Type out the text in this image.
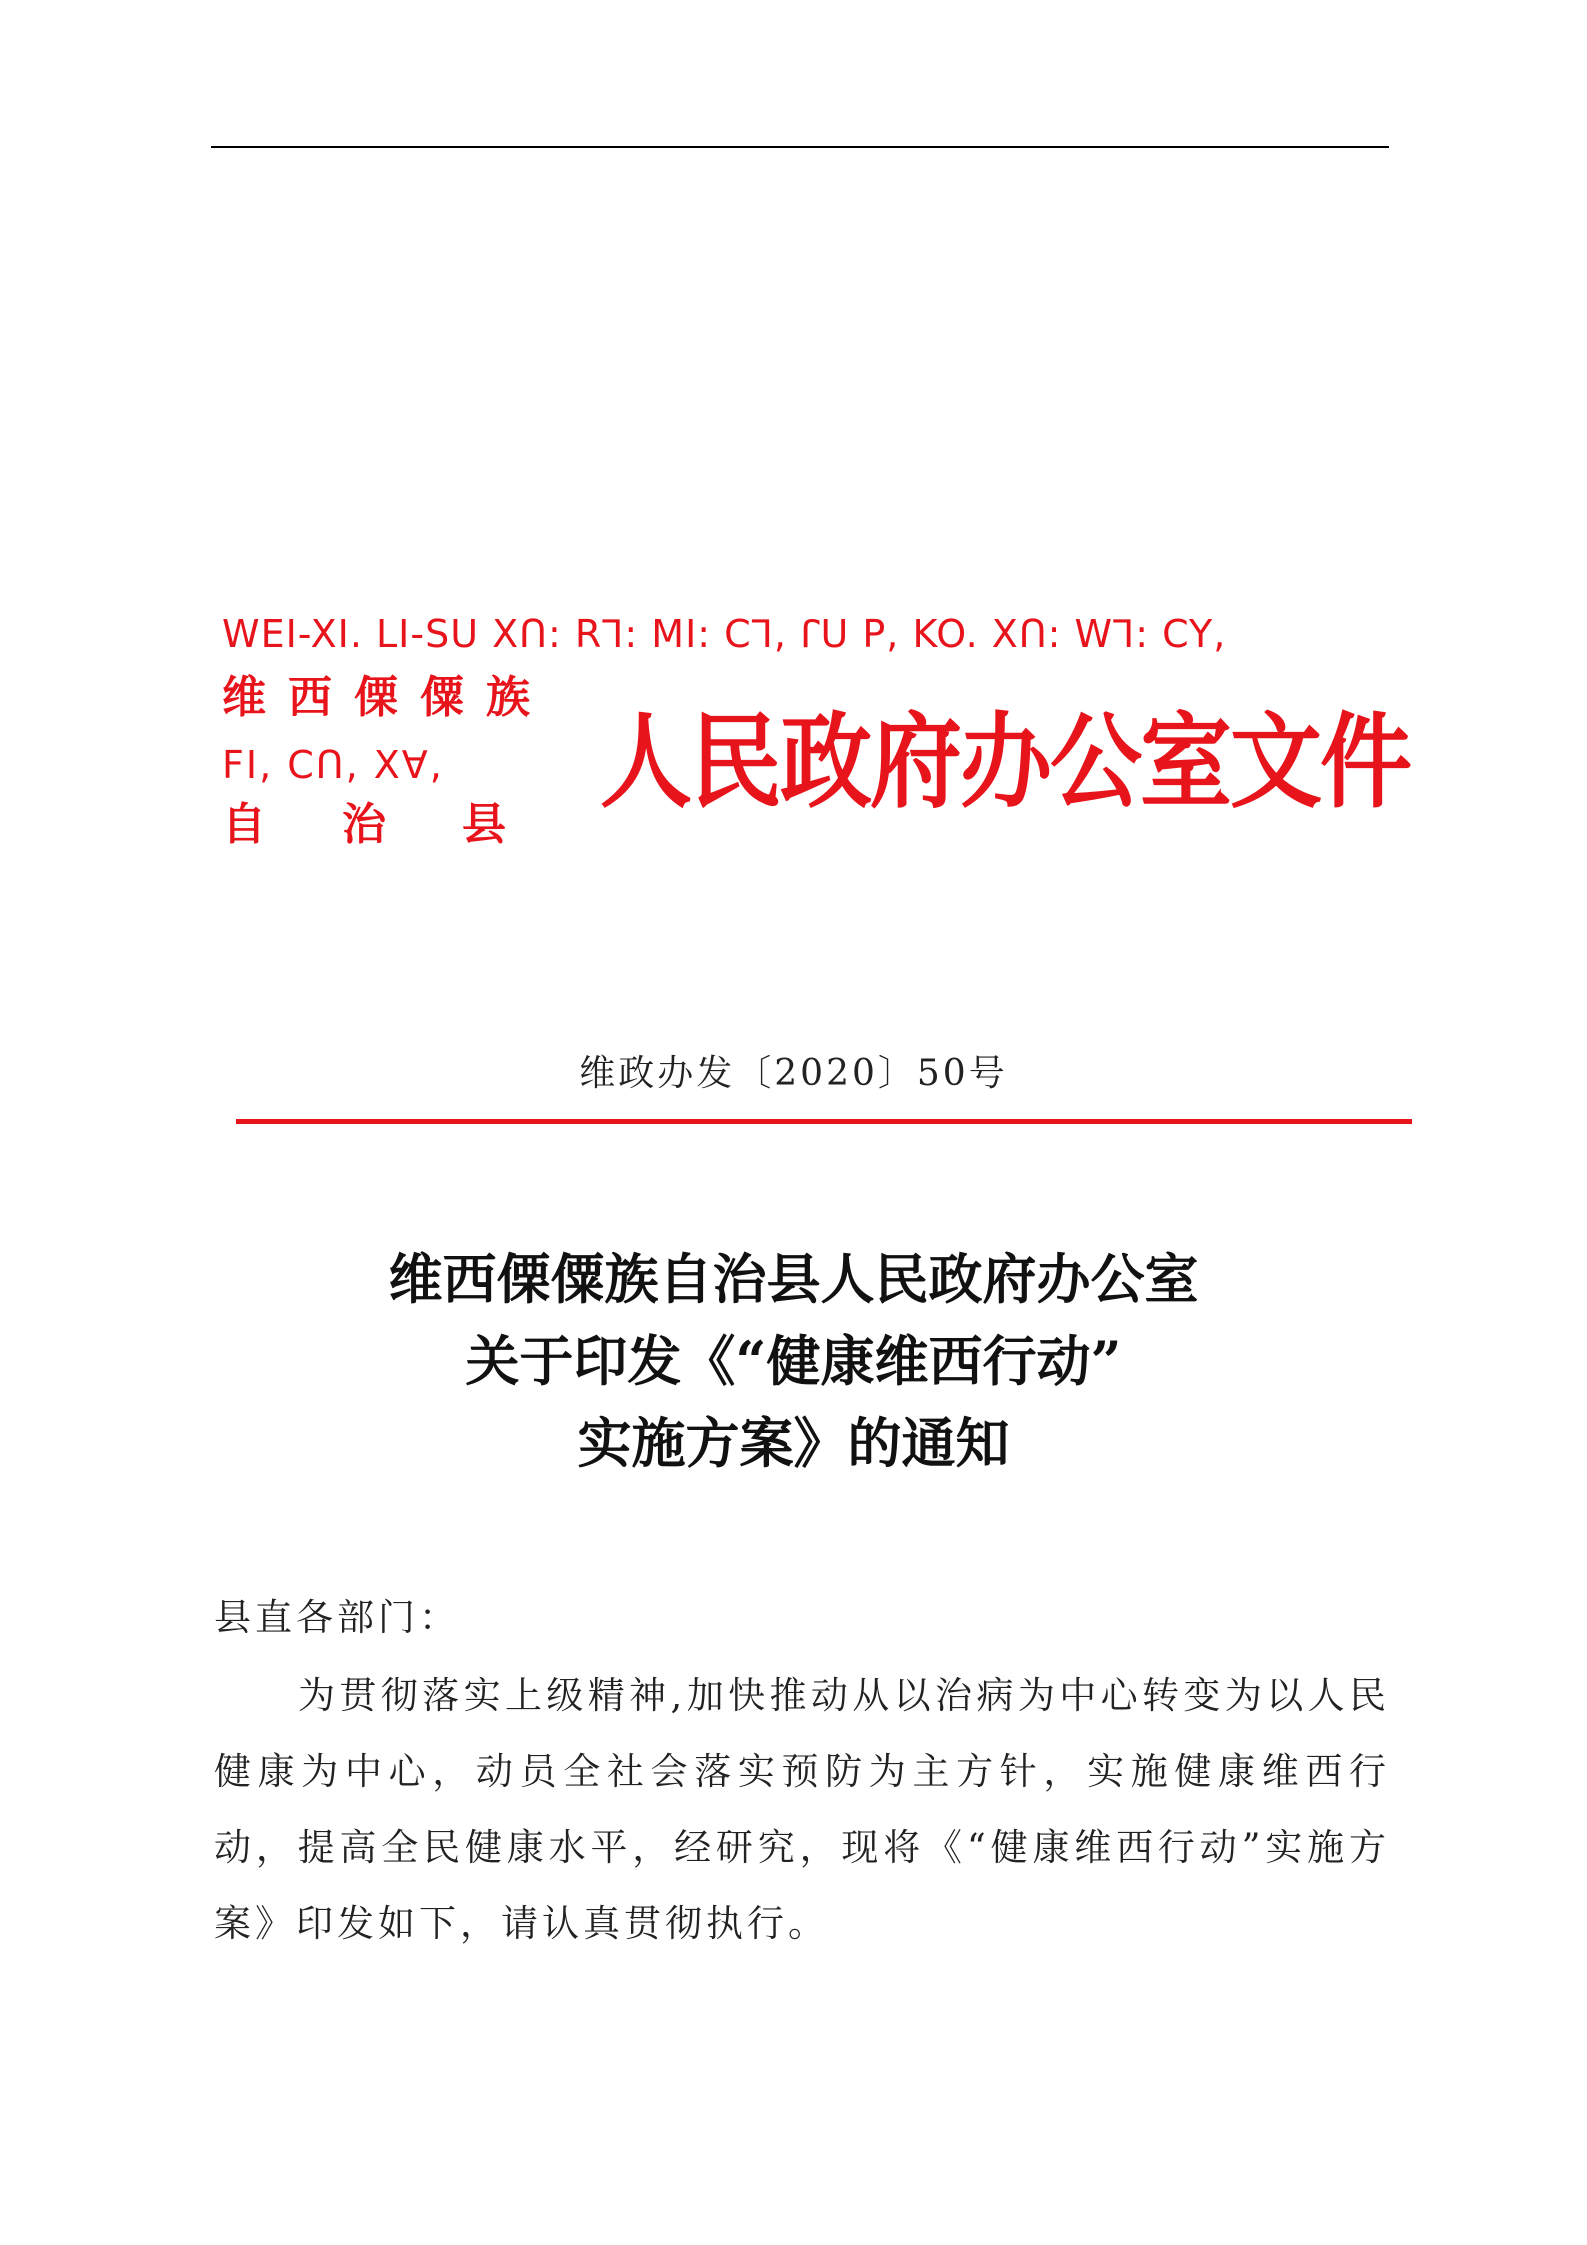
WEI-XI. LI-SU XՈ: Rꓶ: MI: Cꓶ, ꓩU P, KO. XՈ: Wꓶ: CY,
维西傈僳族
FI, CՈ, Xꓯ,
自治县
人民政府办公室文件
维政办发〔2020〕50号
维西傈僳族自治县人民政府办公室
关于印发《“健康维西行动”
实施方案》的通知
县直各部门：
为贯彻落实上级精神,加快推动从以治病为中心转变为以人民健康为中心，动员全社会落实预防为主方针，实施健康维西行动，提高全民健康水平，经研究，现将《“健康维西行动”实施方案》印发如下，请认真贯彻执行。
